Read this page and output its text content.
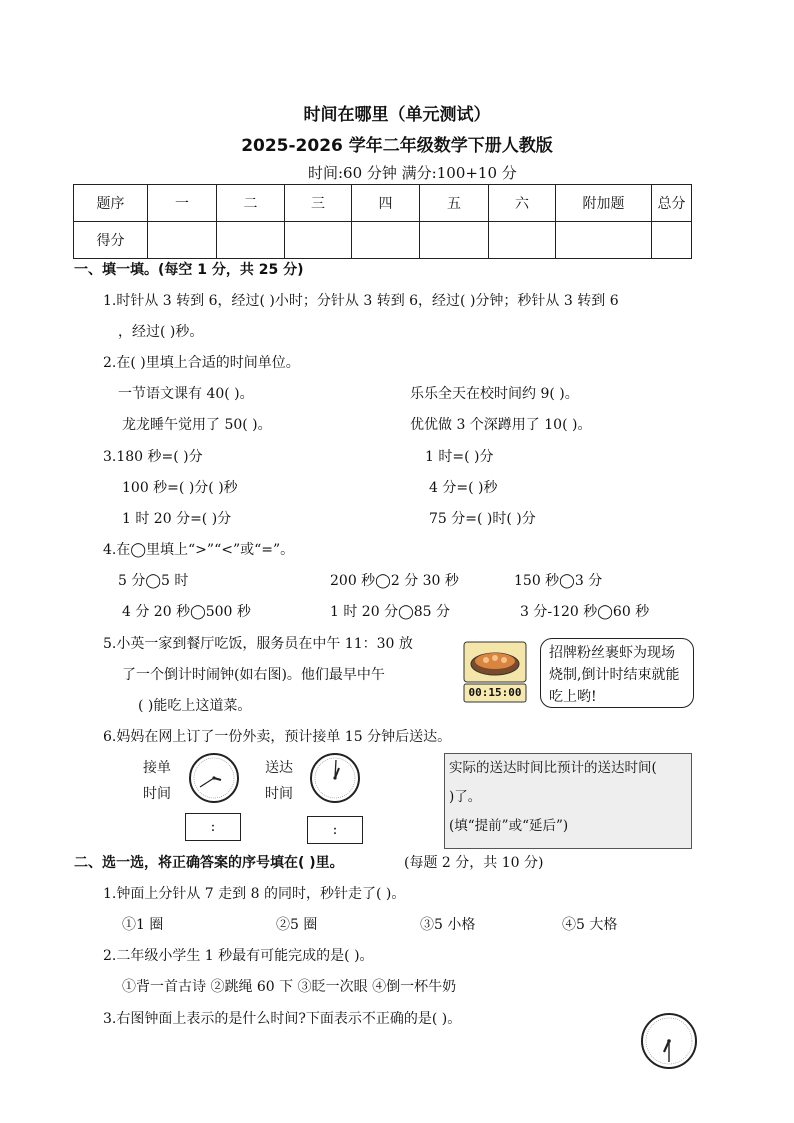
时间在哪里（单元测试）
2025-2026 学年二年级数学下册人教版
时间:60 分钟 满分:100+10 分
题序	一	二	三	四	五	六	附加题	总分
得分								
一、填一填。(每空 1 分，共 25 分)
1.时针从 3 转到 6，经过( )小时；分针从 3 转到 6，经过( )分钟；秒针从 3 转到 6
，经过( )秒。
2.在( )里填上合适的时间单位。
一节语文课有 40( )。	乐乐全天在校时间约 9( )。
龙龙睡午觉用了 50( )。	优优做 3 个深蹲用了 10( )。
3.180 秒=( )分	1 时=( )分
100 秒=( )分( )秒	4 分=( )秒
1 时 20 分=( )分	75 分=( )时( )分
4.在◯里填上“>”“<”或“=”。
5 分◯5 时	200 秒◯2 分 30 秒	150 秒◯3 分
4 分 20 秒◯500 秒	1 时 20 分◯85 分	3 分-120 秒◯60 秒
5.小英一家到餐厅吃饭，服务员在中午 11：30 放
了一个倒计时闹钟(如右图)。他们最早中午
( )能吃上这道菜。
00:15:00
招牌粉丝裹虾为现场烧制,倒计时结束就能吃上哟!
6.妈妈在网上订了一份外卖，预计接单 15 分钟后送达。
接单
时间
送达
时间
:	:
实际的送达时间比预计的送达时间(
)了。
(填“提前”或“延后”)
二、选一选，将正确答案的序号填在( )里。	(每题 2 分，共 10 分)
1.钟面上分针从 7 走到 8 的同时，秒针走了( )。
①1 圈	②5 圈	③5 小格	④5 大格
2.二年级小学生 1 秒最有可能完成的是( )。
①背一首古诗 ②跳绳 60 下 ③眨一次眼 ④倒一杯牛奶
3.右图钟面上表示的是什么时间?下面表示不正确的是( )。
